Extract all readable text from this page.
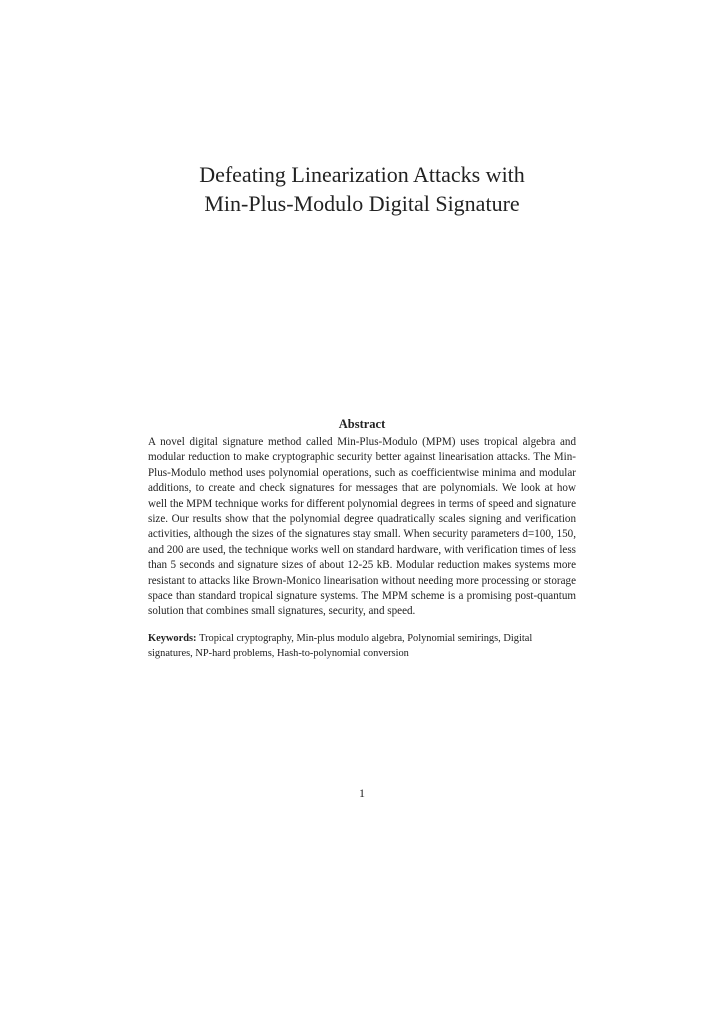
Defeating Linearization Attacks with
Min-Plus-Modulo Digital Signature
Abstract
A novel digital signature method called Min-Plus-Modulo (MPM) uses tropical algebra and modular reduction to make cryptographic security better against linearisation attacks. The Min-Plus-Modulo method uses polynomial operations, such as coefficientwise minima and modular additions, to create and check signatures for messages that are polynomials. We look at how well the MPM technique works for different polynomial degrees in terms of speed and signature size. Our results show that the polynomial degree quadratically scales signing and verification activities, although the sizes of the signatures stay small. When security parameters d=100, 150, and 200 are used, the technique works well on standard hardware, with verification times of less than 5 seconds and signature sizes of about 12-25 kB. Modular reduction makes systems more resistant to attacks like Brown-Monico linearisation without needing more processing or storage space than standard tropical signature systems. The MPM scheme is a promising post-quantum solution that combines small signatures, security, and speed.
Keywords: Tropical cryptography, Min-plus modulo algebra, Polynomial semirings, Digital signatures, NP-hard problems, Hash-to-polynomial conversion
1
